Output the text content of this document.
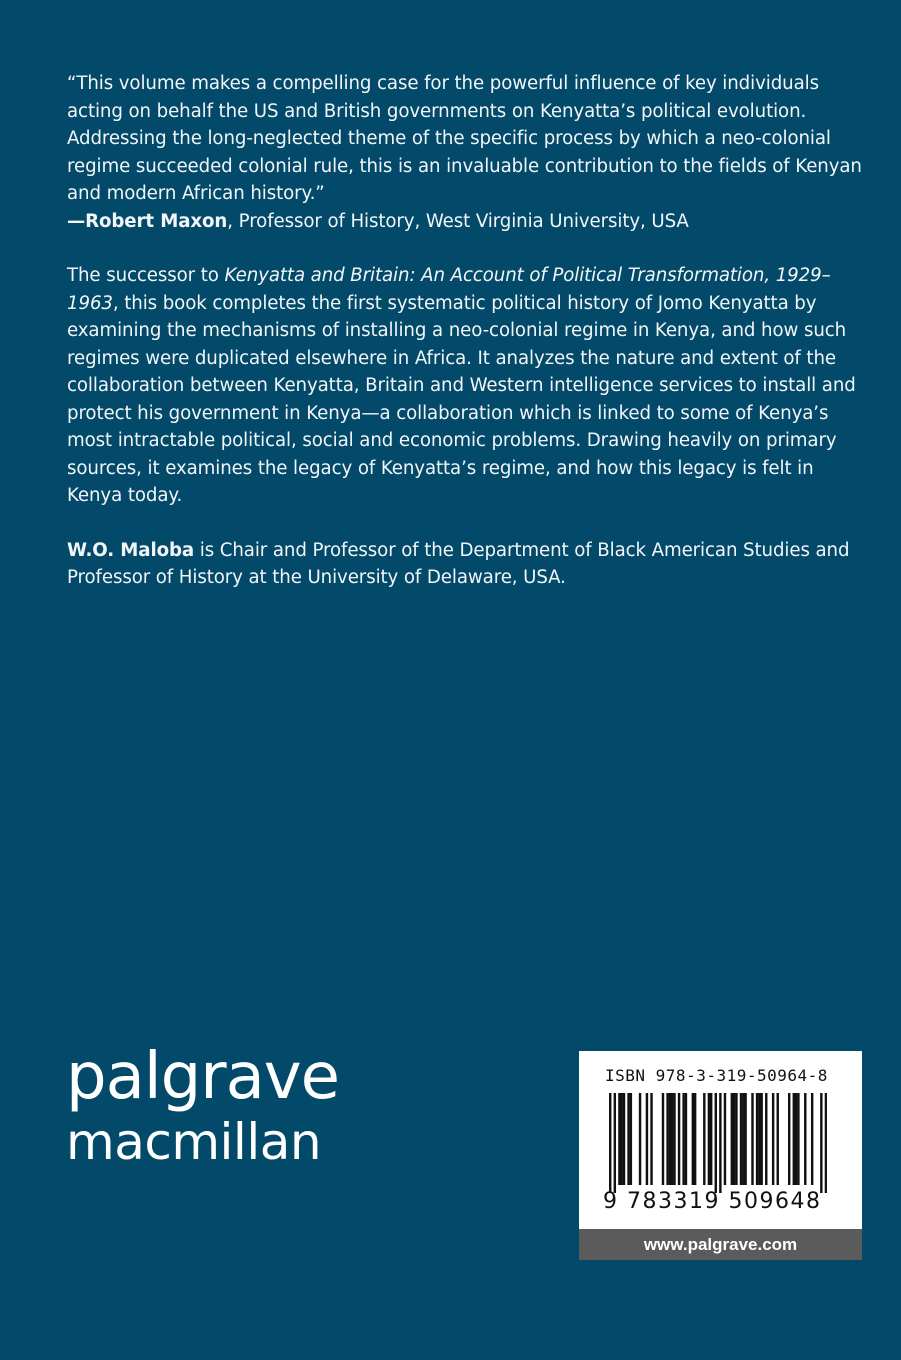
“This volume makes a compelling case for the powerful influence of key individuals acting on behalf the US and British governments on Kenyatta’s political evolution. Addressing the long-neglected theme of the specific process by which a neo-colonial regime succeeded colonial rule, this is an invaluable contribution to the fields of Kenyan and modern African history.”
—Robert Maxon, Professor of History, West Virginia University, USA

The successor to Kenyatta and Britain: An Account of Political Transformation, 1929–1963, this book completes the first systematic political history of Jomo Kenyatta by examining the mechanisms of installing a neo-colonial regime in Kenya, and how such regimes were duplicated elsewhere in Africa. It analyzes the nature and extent of the collaboration between Kenyatta, Britain and Western intelligence services to install and protect his government in Kenya—a collaboration which is linked to some of Kenya’s most intractable political, social and economic problems. Drawing heavily on primary sources, it examines the legacy of Kenyatta’s regime, and how this legacy is felt in Kenya today.

W.O. Maloba is Chair and Professor of the Department of Black American Studies and Professor of History at the University of Delaware, USA.

palgrave
macmillan
ISBN 978-3-319-50964-8
9 783319 509648
www.palgrave.com
